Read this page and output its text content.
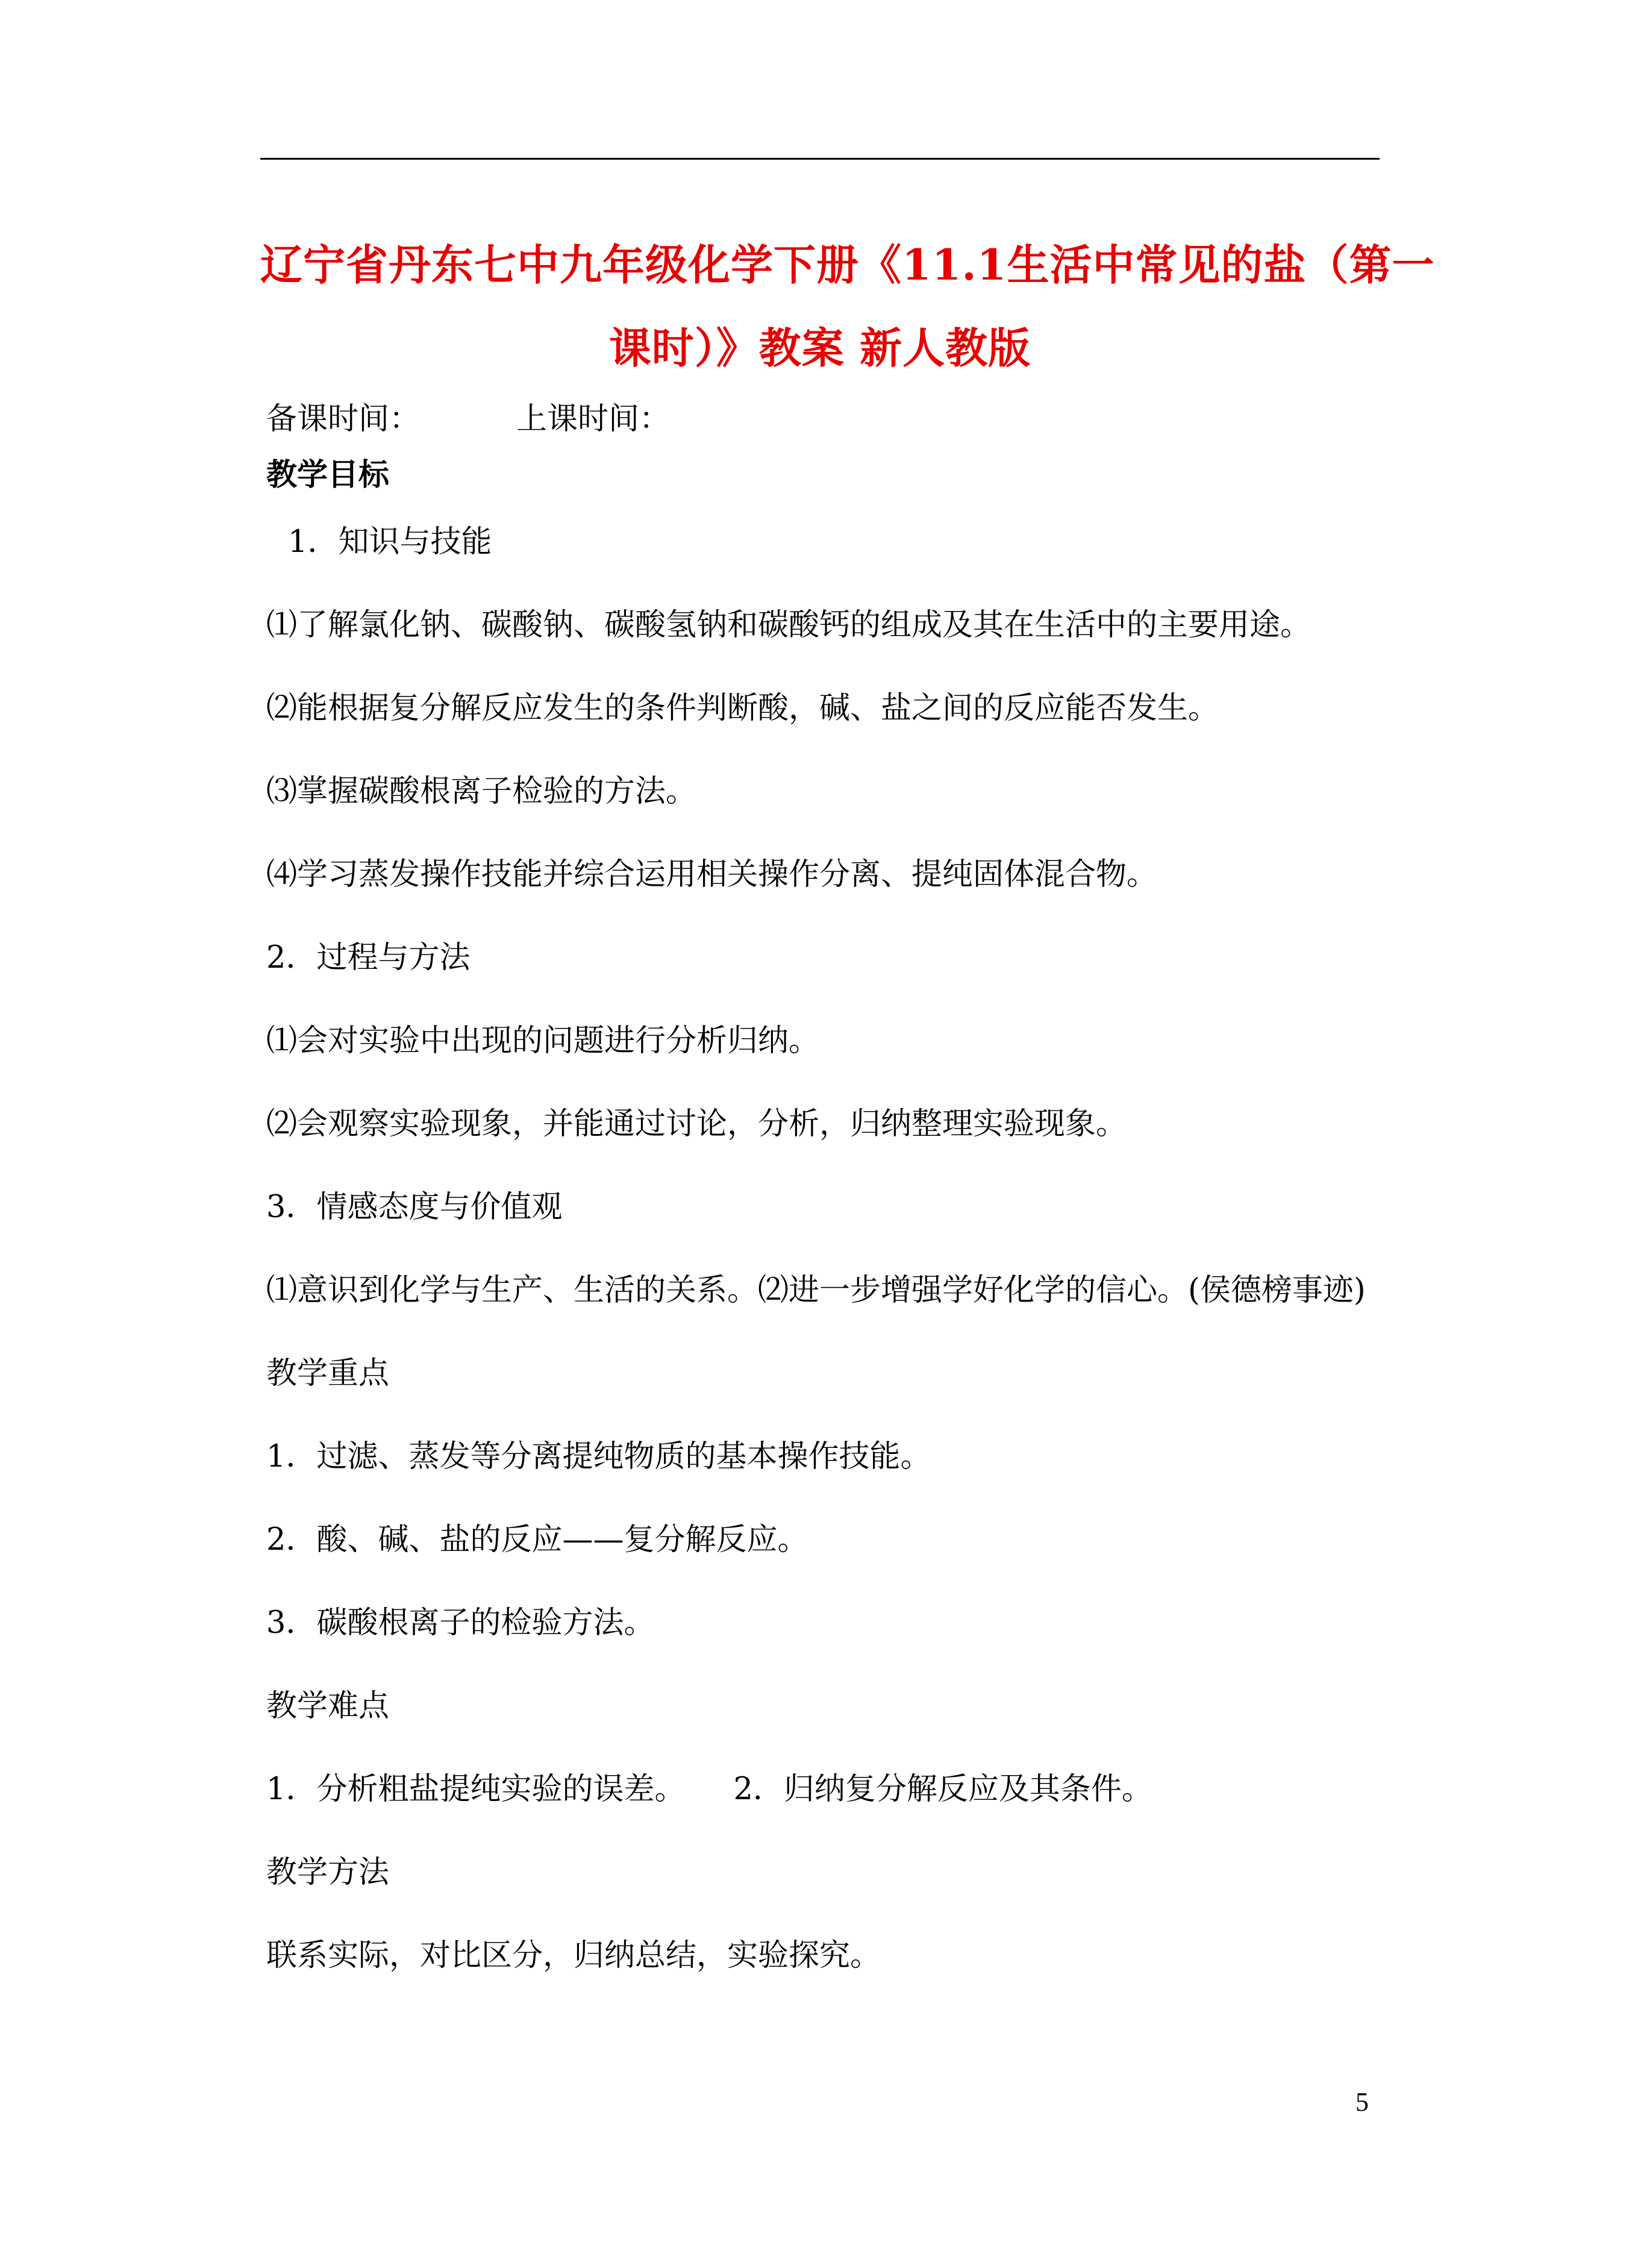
辽宁省丹东七中九年级化学下册《11.1生活中常见的盐（第一
课时）》教案 新人教版
备课时间：	上课时间：
教学目标
1．知识与技能
⑴了解氯化钠、碳酸钠、碳酸氢钠和碳酸钙的组成及其在生活中的主要用途。
⑵能根据复分解反应发生的条件判断酸，碱、盐之间的反应能否发生。
⑶掌握碳酸根离子检验的方法。
⑷学习蒸发操作技能并综合运用相关操作分离、提纯固体混合物。
2．过程与方法
⑴会对实验中出现的问题进行分析归纳。
⑵会观察实验现象，并能通过讨论，分析，归纳整理实验现象。
3．情感态度与价值观
⑴意识到化学与生产、生活的关系。⑵进一步增强学好化学的信心。(侯德榜事迹)
教学重点
1．过滤、蒸发等分离提纯物质的基本操作技能。
2．酸、碱、盐的反应——复分解反应。
3．碳酸根离子的检验方法。
教学难点
1．分析粗盐提纯实验的误差。 2．归纳复分解反应及其条件。
教学方法
联系实际，对比区分，归纳总结，实验探究。
5
